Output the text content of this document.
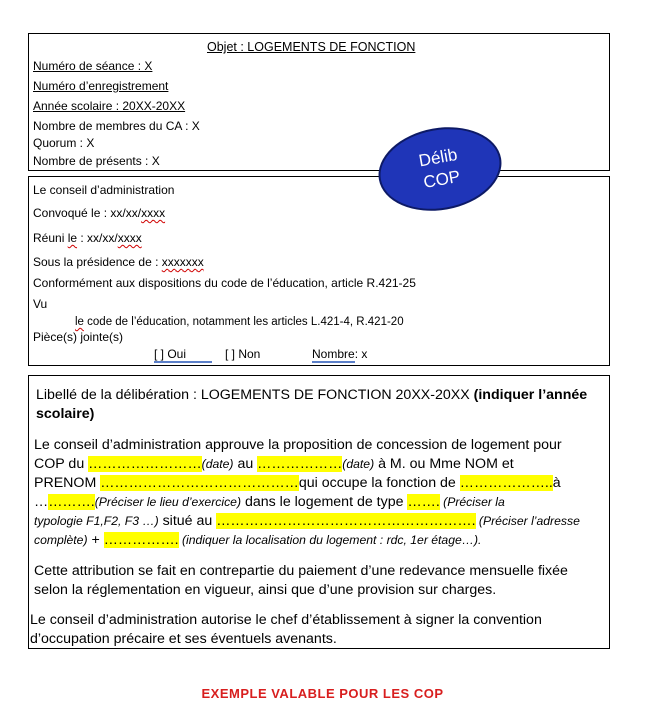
Objet : LOGEMENTS DE FONCTION
Numéro de séance : X
Numéro d’enregistrement
Année scolaire : 20XX-20XX
Nombre de membres du CA : X
Quorum : X
Nombre de présents : X
Le conseil d’administration
Convoqué le : xx/xx/xxxx
Réuni le : xx/xx/xxxx
Sous la présidence de : xxxxxxx
Conformément aux dispositions du code de l’éducation, article R.421-25
Vu
le code de l’éducation, notamment les articles L.421-4, R.421-20
Pièce(s) jointe(s)
[ ] Oui	[ ] Non	Nombre: x
Délib
COP
Libellé de la délibération : LOGEMENTS DE FONCTION 20XX-20XX (indiquer l’année
scolaire)
Le conseil d’administration approuve la proposition de concession de logement pour
COP du ……………………(date) au ………………(date) à M. ou Mme NOM et
PRENOM ……………………………………qui occupe la fonction de ………………..à
………….(Préciser le lieu d’exercice) dans le logement de type ……. (Préciser la
typologie F1,F2, F3 …) situé au ………………………………………………. (Préciser l’adresse
complète) + ……………. (indiquer la localisation du logement : rdc, 1er étage…).
Cette attribution se fait en contrepartie du paiement d’une redevance mensuelle fixée
selon la réglementation en vigueur, ainsi que d’une provision sur charges.
Le conseil d’administration autorise le chef d’établissement à signer la convention
d’occupation précaire et ses éventuels avenants.
EXEMPLE VALABLE POUR LES COP
